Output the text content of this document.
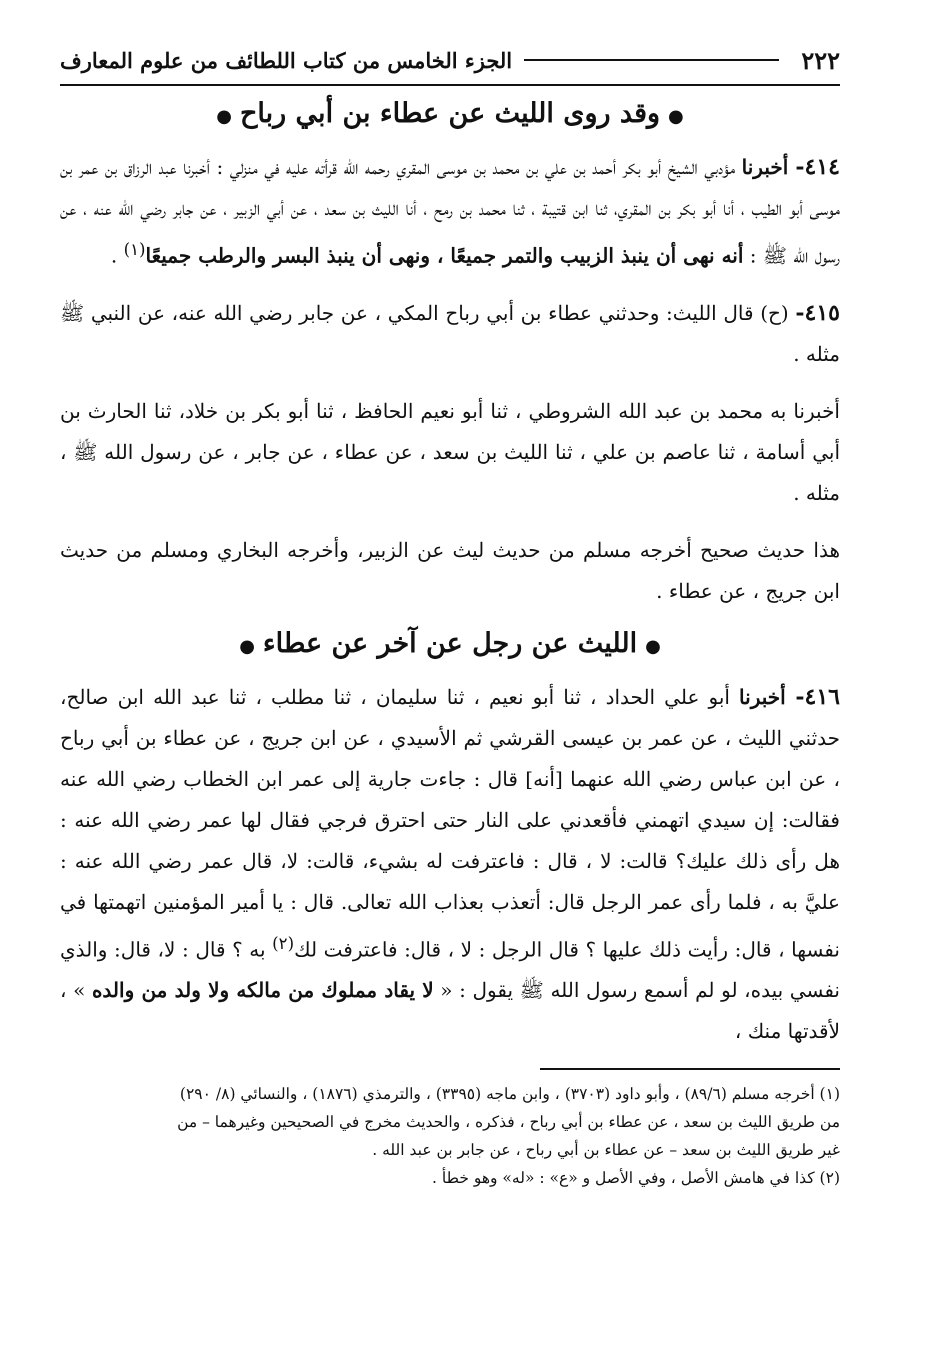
٢٢٢
الجزء الخامس من كتاب اللطائف من علوم المعارف
●وقد روى الليث عن عطاء بن أبي رباح●

٤١٤- أخبرنا مؤدبي الشيخ أبو بكر أحمد بن علي بن محمد بن موسى المقري رحمه الله قرأته عليه في منزلي : أخبرنا عبد الرزاق بن عمر بن موسى أبو الطيب ، أنا أبو بكر بن المقري، ثنا ابن قتيبة ، ثنا محمد بن رمح ، أنا الليث بن سعد ، عن أبي الزبير ، عن جابر رضي الله عنه ، عن رسول الله ﷺ : أنه نهى أن ينبذ الزبيب والتمر جميعًا ، ونهى أن ينبذ البسر والرطب جميعًا$^{(١)}$ .

٤١٥- (ح) قال الليث: وحدثني عطاء بن أبي رباح المكي ، عن جابر رضي الله عنه، عن النبي ﷺ مثله .

أخبرنا به محمد بن عبد الله الشروطي ، ثنا أبو نعيم الحافظ ، ثنا أبو بكر بن خلاد، ثنا الحارث بن أبي أسامة ، ثنا عاصم بن علي ، ثنا الليث بن سعد ، عن عطاء ، عن جابر ، عن رسول الله ﷺ ، مثله .

هذا حديث صحيح أخرجه مسلم من حديث ليث عن الزبير، وأخرجه البخاري ومسلم من حديث ابن جريج ، عن عطاء .

●الليث عن رجل عن آخر عن عطاء●

٤١٦- أخبرنا أبو علي الحداد ، ثنا أبو نعيم ، ثنا سليمان ، ثنا مطلب ، ثنا عبد الله ابن صالح، حدثني الليث ، عن عمر بن عيسى القرشي ثم الأسيدي ، عن ابن جريج ، عن عطاء بن أبي رباح ، عن ابن عباس رضي الله عنهما [أنه] قال : جاءت جارية إلى عمر ابن الخطاب رضي الله عنه فقالت: إن سيدي اتهمني فأقعدني على النار حتى احترق فرجي فقال لها عمر رضي الله عنه : هل رأى ذلك عليك؟ قالت: لا ، قال : فاعترفت له بشيء، قالت: لا، قال عمر رضي الله عنه : عليَّ به ، فلما رأى عمر الرجل قال: أتعذب بعذاب الله تعالى. قال : يا أمير المؤمنين اتهمتها في نفسها ، قال: رأيت ذلك عليها ؟ قال الرجل : لا ، قال: فاعترفت لك$^{(٢)}$ به ؟ قال : لا، قال: والذي نفسي بيده، لو لم أسمع رسول الله ﷺ يقول : « لا يقاد مملوك من مالكه ولا ولد من والده » ، لأقدتها منك ،

(١) أخرجه مسلم (٨٩/٦) ، وأبو داود (٣٧٠٣) ، وابن ماجه (٣٣٩٥) ، والترمذي (١٨٧٦) ، والنسائي (٨/ ٢٩٠)

من طريق الليث بن سعد ، عن عطاء بن أبي رباح ، فذكره ، والحديث مخرج في الصحيحين وغيرهما – من

غير طريق الليث بن سعد – عن عطاء بن أبي رباح ، عن جابر بن عبد الله .

(٢) كذا في هامش الأصل ، وفي الأصل و «ع» : «له» وهو خطأ .
